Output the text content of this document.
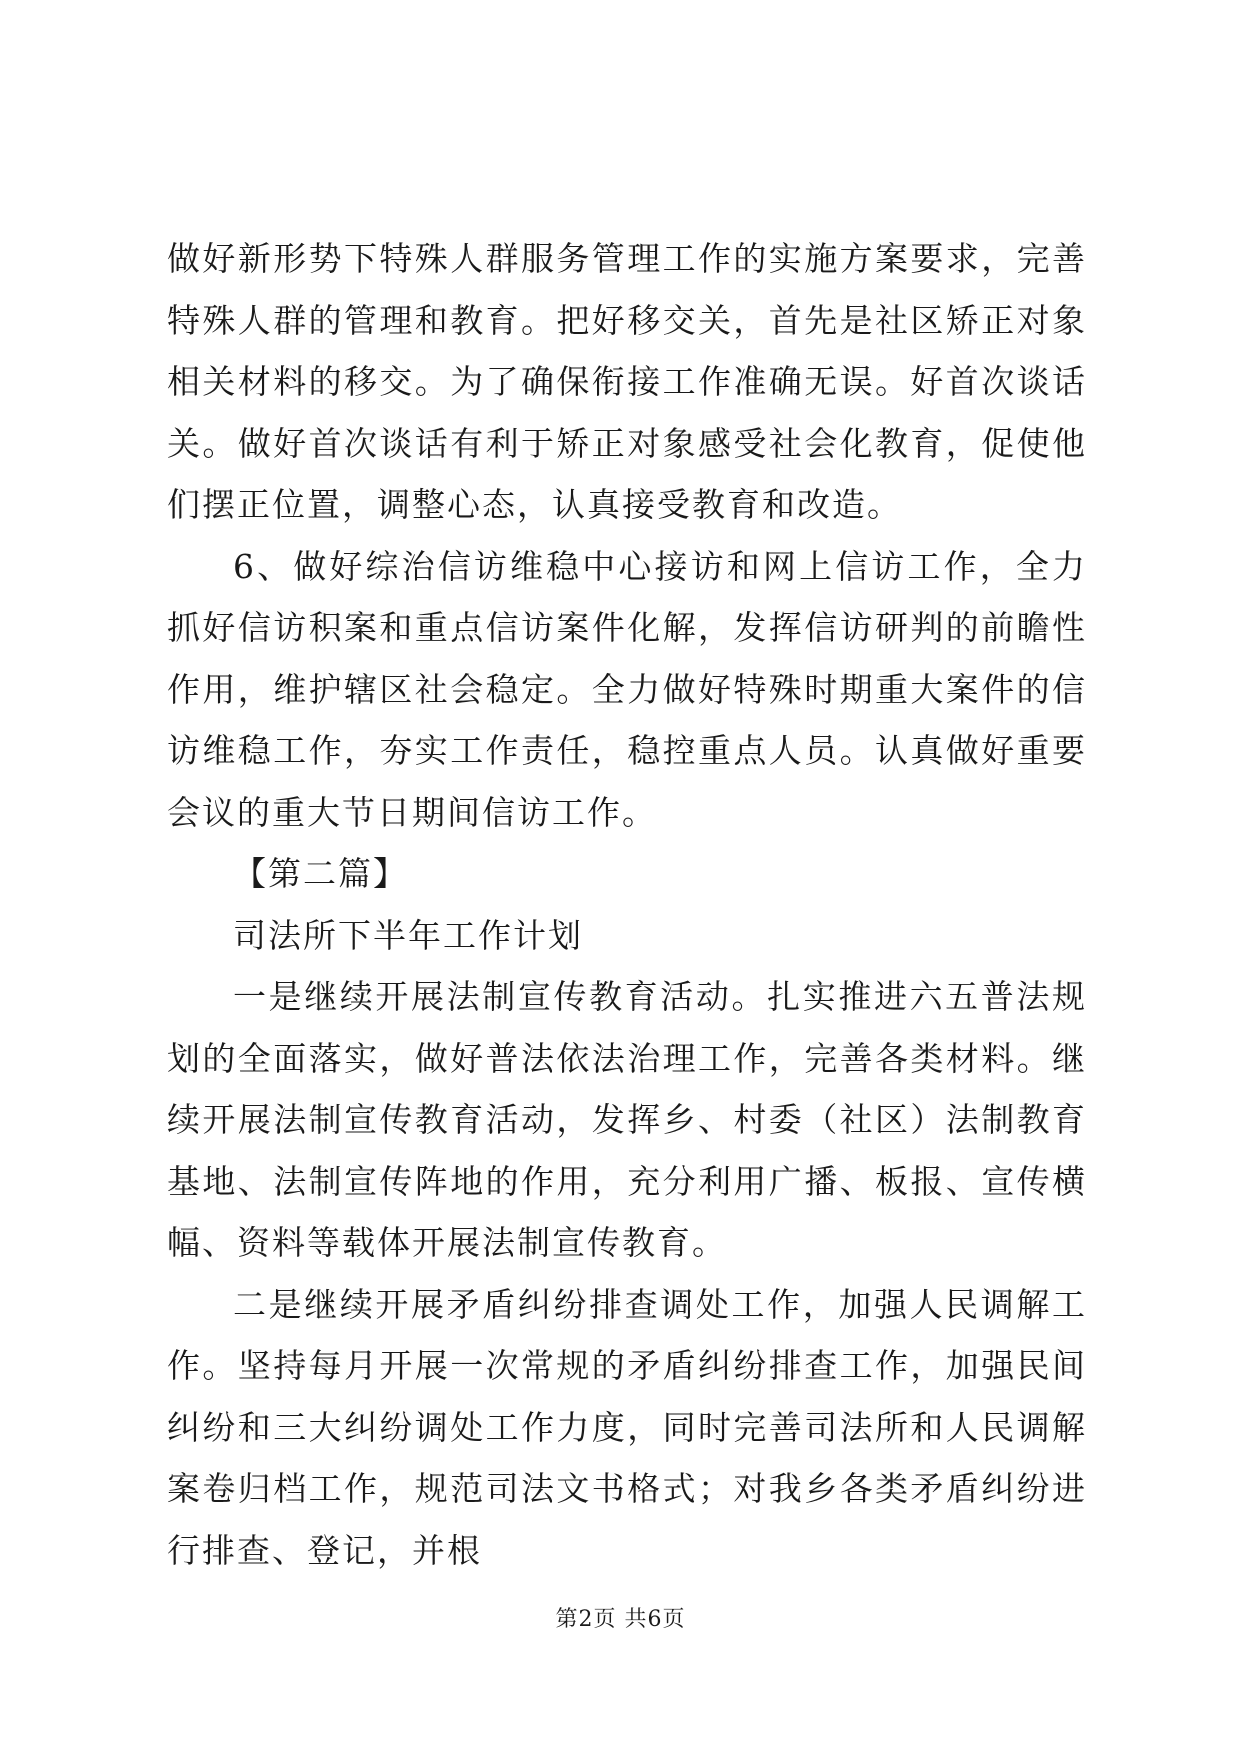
做好新形势下特殊人群服务管理工作的实施方案要求，完善特殊人群的管理和教育。把好移交关，首先是社区矫正对象相关材料的移交。为了确保衔接工作准确无误。好首次谈话关。做好首次谈话有利于矫正对象感受社会化教育，促使他们摆正位置，调整心态，认真接受教育和改造。

6、做好综治信访维稳中心接访和网上信访工作，全力抓好信访积案和重点信访案件化解，发挥信访研判的前瞻性作用，维护辖区社会稳定。全力做好特殊时期重大案件的信访维稳工作，夯实工作责任，稳控重点人员。认真做好重要会议的重大节日期间信访工作。

【第二篇】

司法所下半年工作计划

一是继续开展法制宣传教育活动。扎实推进六五普法规划的全面落实，做好普法依法治理工作，完善各类材料。继续开展法制宣传教育活动，发挥乡、村委（社区）法制教育基地、法制宣传阵地的作用，充分利用广播、板报、宣传横幅、资料等载体开展法制宣传教育。

二是继续开展矛盾纠纷排查调处工作，加强人民调解工作。坚持每月开展一次常规的矛盾纠纷排查工作，加强民间纠纷和三大纠纷调处工作力度，同时完善司法所和人民调解案卷归档工作，规范司法文书格式；对我乡各类矛盾纠纷进行排查、登记，并根

第2页 共6页
